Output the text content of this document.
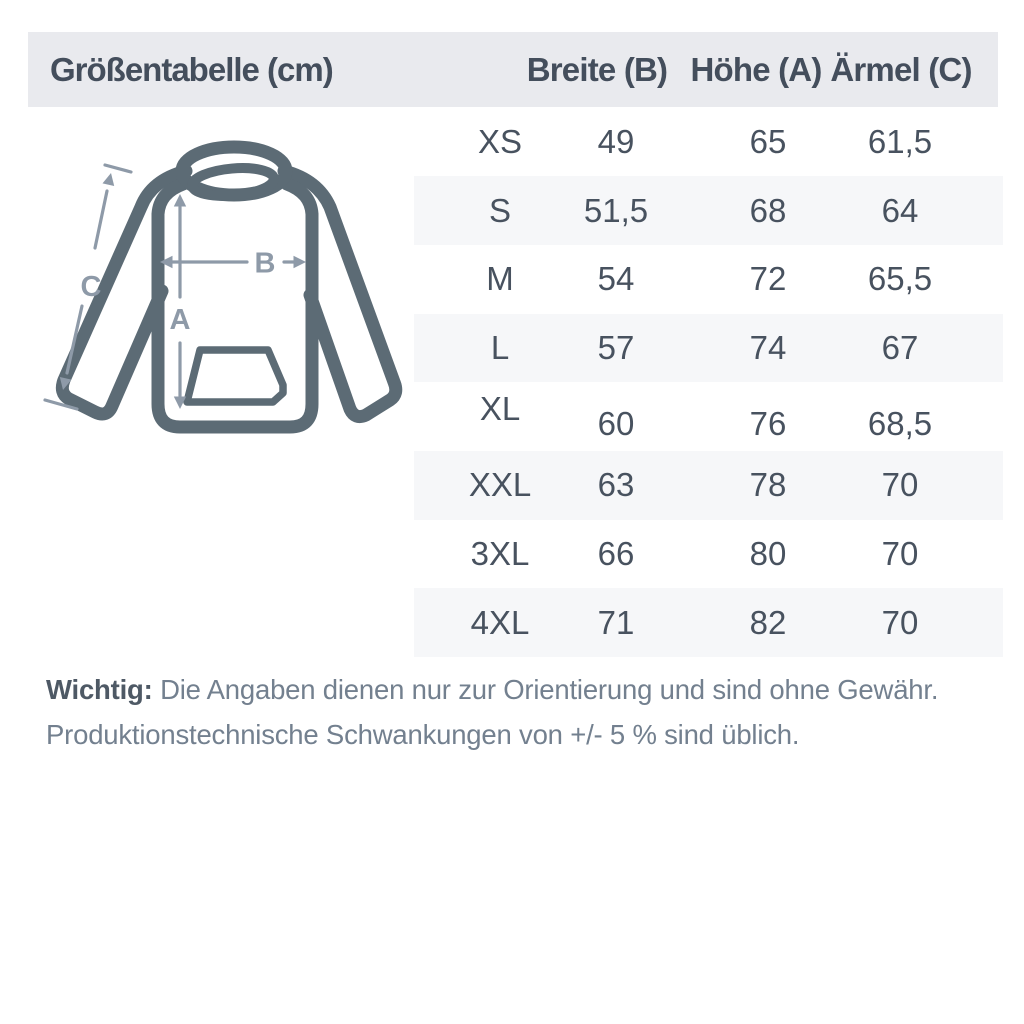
Größentabelle (cm)	Breite (B) Höhe (A) Ärmel (C)
A
B
C
XS 49	65 61,5
S 51,5	68	64
M	54	72 65,5
L	57	74	67
XL 60	76 68,5
XXL 63	78	70
3XL 66	80	70
4XL 71	82	70

Wichtig: Die Angaben dienen nur zur Orientierung und sind ohne Gewähr.
Produktionstechnische Schwankungen von +/- 5 % sind üblich.
